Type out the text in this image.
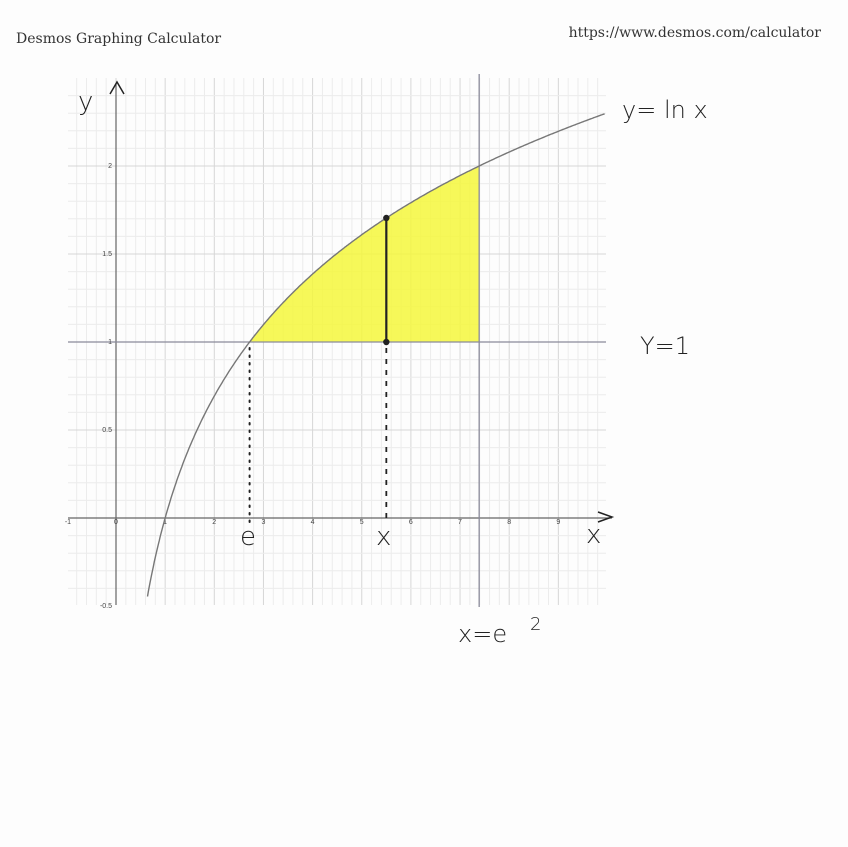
Desmos Graphing Calculator	https://www.desmos.com/calculator
-1	0	1	2	3	4	5	6	7	8	9
-0.5
0.5
1
1.5
2
y
x
y= ln x
Y=1
x=e 2
e	x
